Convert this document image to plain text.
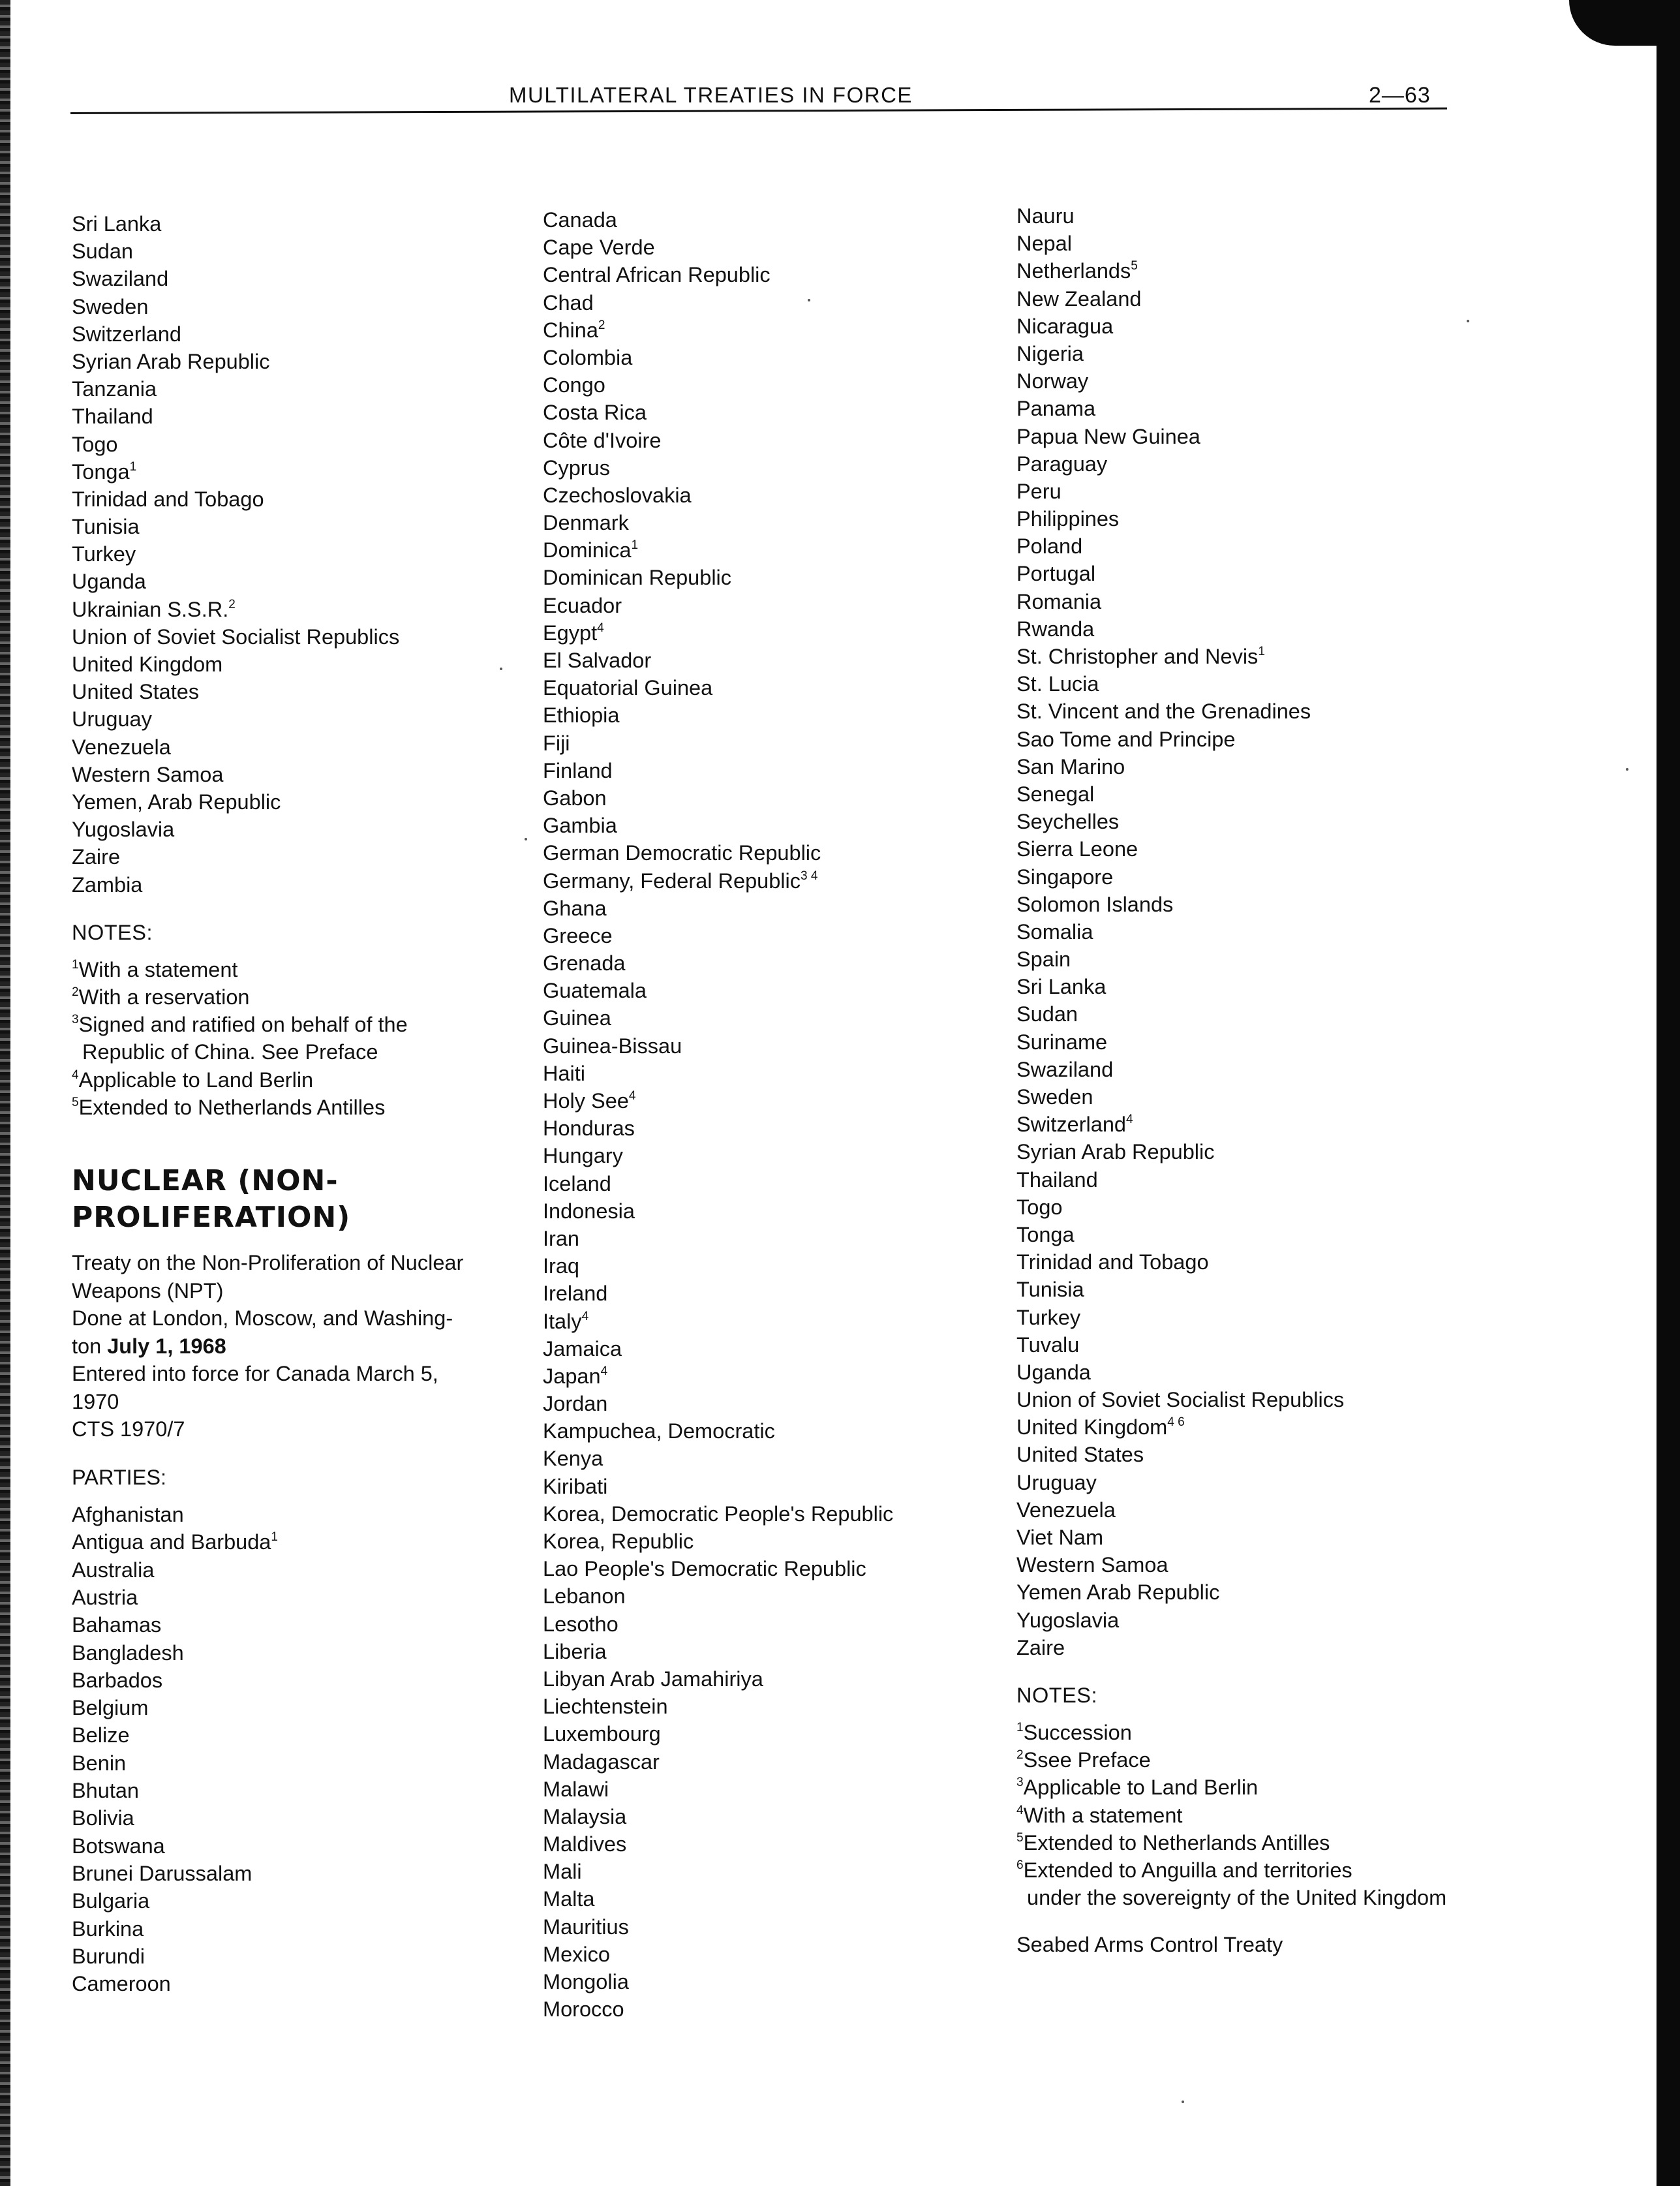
MULTILATERAL TREATIES IN FORCE	2—63
Sri Lanka
Sudan
Swaziland
Sweden
Switzerland
Syrian Arab Republic
Tanzania
Thailand
Togo
Tonga$^1$
Trinidad and Tobago
Tunisia
Turkey
Uganda
Ukrainian S.S.R.$^2$
Union of Soviet Socialist Republics
United Kingdom
United States
Uruguay
Venezuela
Western Samoa
Yemen, Arab Republic
Yugoslavia
Zaire
Zambia
NOTES:
$^1$With a statement
$^2$With a reservation
$^3$Signed and ratified on behalf of the
Republic of China. See Preface
$^4$Applicable to Land Berlin
$^5$Extended to Netherlands Antilles
NUCLEAR (NON-
PROLIFERATION)
Treaty on the Non-Proliferation of Nuclear
Weapons (NPT)
Done at London, Moscow, and Washing-
ton July 1, 1968
Entered into force for Canada March 5,
1970
CTS 1970/7
PARTIES:
Afghanistan
Antigua and Barbuda$^1$
Australia
Austria
Bahamas
Bangladesh
Barbados
Belgium
Belize
Benin
Bhutan
Bolivia
Botswana
Brunei Darussalam
Bulgaria
Burkina
Burundi
Cameroon
Canada
Cape Verde
Central African Republic
Chad
China$^2$
Colombia
Congo
Costa Rica
Côte d'Ivoire
Cyprus
Czechoslovakia
Denmark
Dominica$^1$
Dominican Republic
Ecuador
Egypt$^4$
El Salvador
Equatorial Guinea
Ethiopia
Fiji
Finland
Gabon
Gambia
German Democratic Republic
Germany, Federal Republic$^{3 4}$
Ghana
Greece
Grenada
Guatemala
Guinea
Guinea-Bissau
Haiti
Holy See$^4$
Honduras
Hungary
Iceland
Indonesia
Iran
Iraq
Ireland
Italy$^4$
Jamaica
Japan$^4$
Jordan
Kampuchea, Democratic
Kenya
Kiribati
Korea, Democratic People's Republic
Korea, Republic
Lao People's Democratic Republic
Lebanon
Lesotho
Liberia
Libyan Arab Jamahiriya
Liechtenstein
Luxembourg
Madagascar
Malawi
Malaysia
Maldives
Mali
Malta
Mauritius
Mexico
Mongolia
Morocco
Nauru
Nepal
Netherlands$^5$
New Zealand
Nicaragua
Nigeria
Norway
Panama
Papua New Guinea
Paraguay
Peru
Philippines
Poland
Portugal
Romania
Rwanda
St. Christopher and Nevis$^1$
St. Lucia
St. Vincent and the Grenadines
Sao Tome and Principe
San Marino
Senegal
Seychelles
Sierra Leone
Singapore
Solomon Islands
Somalia
Spain
Sri Lanka
Sudan
Suriname
Swaziland
Sweden
Switzerland$^4$
Syrian Arab Republic
Thailand
Togo
Tonga
Trinidad and Tobago
Tunisia
Turkey
Tuvalu
Uganda
Union of Soviet Socialist Republics
United Kingdom$^{4 6}$
United States
Uruguay
Venezuela
Viet Nam
Western Samoa
Yemen Arab Republic
Yugoslavia
Zaire
NOTES:
$^1$Succession
$^2$Ssee Preface
$^3$Applicable to Land Berlin
$^4$With a statement
$^5$Extended to Netherlands Antilles
$^6$Extended to Anguilla and territories
under the sovereignty of the United Kingdom
Seabed Arms Control Treaty
